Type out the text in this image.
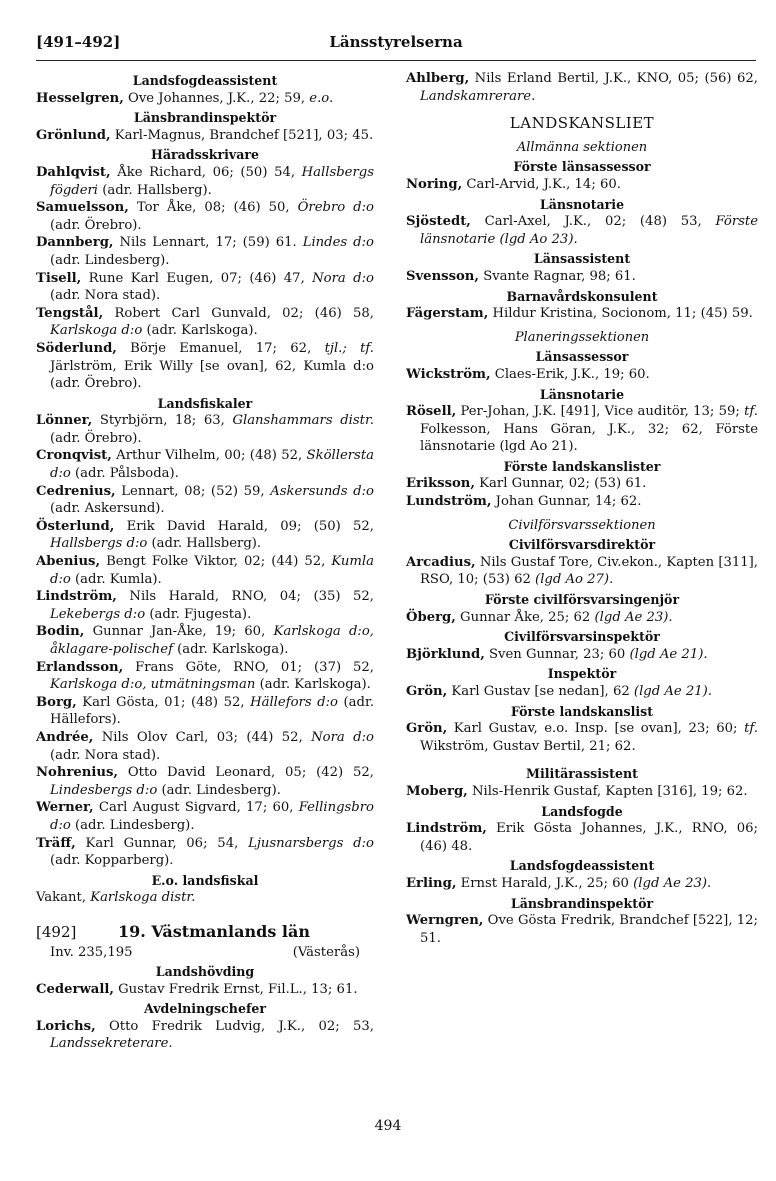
[491–492]	Länsstyrelserna
Landsfogdeassistent
Hesselgren, Ove Johannes, J.K., 22; 59, e.o.
Länsbrandinspektör
Grönlund, Karl-Magnus, Brandchef [521], 03; 45.
Häradsskrivare
Dahlqvist, Åke Richard, 06; (50) 54, Hallsbergs fögderi (adr. Hallsberg).
Samuelsson, Tor Åke, 08; (46) 50, Örebro d:o (adr. Örebro).
Dannberg, Nils Lennart, 17; (59) 61. Lindes d:o (adr. Lindesberg).
Tisell, Rune Karl Eugen, 07; (46) 47, Nora d:o (adr. Nora stad).
Tengstål, Robert Carl Gunvald, 02; (46) 58, Karlskoga d:o (adr. Karlskoga).
Söderlund, Börje Emanuel, 17; 62, tjl.; tf. Järlström, Erik Willy [se ovan], 62, Kumla d:o (adr. Örebro).
Landsfiskaler
Lönner, Styrbjörn, 18; 63, Glanshammars distr. (adr. Örebro).
Cronqvist, Arthur Vilhelm, 00; (48) 52, Sköllersta d:o (adr. Pålsboda).
Cedrenius, Lennart, 08; (52) 59, Askersunds d:o (adr. Askersund).
Österlund, Erik David Harald, 09; (50) 52, Hallsbergs d:o (adr. Hallsberg).
Abenius, Bengt Folke Viktor, 02; (44) 52, Kumla d:o (adr. Kumla).
Lindström, Nils Harald, RNO, 04; (35) 52, Lekebergs d:o (adr. Fjugesta).
Bodin, Gunnar Jan-Åke, 19; 60, Karlskoga d:o, åklagare-polischef (adr. Karlskoga).
Erlandsson, Frans Göte, RNO, 01; (37) 52, Karlskoga d:o, utmätningsman (adr. Karlskoga).
Borg, Karl Gösta, 01; (48) 52, Hällefors d:o (adr. Hällefors).
Andrée, Nils Olov Carl, 03; (44) 52, Nora d:o (adr. Nora stad).
Nohrenius, Otto David Leonard, 05; (42) 52, Lindesbergs d:o (adr. Lindesberg).
Werner, Carl August Sigvard, 17; 60, Fellingsbro d:o (adr. Lindesberg).
Träff, Karl Gunnar, 06; 54, Ljusnarsbergs d:o (adr. Kopparberg).
E.o. landsfiskal
Vakant, Karlskoga distr.
[492]	19. Västmanlands län
Inv. 235,195	(Västerås)
Landshövding
Cederwall, Gustav Fredrik Ernst, Fil.L., 13; 61.
Avdelningschefer
Lorichs, Otto Fredrik Ludvig, J.K., 02; 53, Landssekreterare.
Ahlberg, Nils Erland Bertil, J.K., KNO, 05; (56) 62, Landskamrerare.
LANDSKANSLIET
Allmänna sektionen
Förste länsassessor
Noring, Carl-Arvid, J.K., 14; 60.
Länsnotarie
Sjöstedt, Carl-Axel, J.K., 02; (48) 53, Förste länsnotarie (lgd Ao 23).
Länsassistent
Svensson, Svante Ragnar, 98; 61.
Barnavårdskonsulent
Fägerstam, Hildur Kristina, Socionom, 11; (45) 59.
Planeringssektionen
Länsassessor
Wickström, Claes-Erik, J.K., 19; 60.
Länsnotarie
Rösell, Per-Johan, J.K. [491], Vice auditör, 13; 59; tf. Folkesson, Hans Göran, J.K., 32; 62, Förste länsnotarie (lgd Ao 21).
Förste landskanslister
Eriksson, Karl Gunnar, 02; (53) 61.
Lundström, Johan Gunnar, 14; 62.
Civilförsvarssektionen
Civilförsvarsdirektör
Arcadius, Nils Gustaf Tore, Civ.ekon., Kapten [311], RSO, 10; (53) 62 (lgd Ao 27).
Förste civilförsvarsingenjör
Öberg, Gunnar Åke, 25; 62 (lgd Ae 23).
Civilförsvarsinspektör
Björklund, Sven Gunnar, 23; 60 (lgd Ae 21).
Inspektör
Grön, Karl Gustav [se nedan], 62 (lgd Ae 21).
Förste landskanslist
Grön, Karl Gustav, e.o. Insp. [se ovan], 23; 60; tf. Wikström, Gustav Bertil, 21; 62.
Militärassistent
Moberg, Nils-Henrik Gustaf, Kapten [316], 19; 62.
Landsfogde
Lindström, Erik Gösta Johannes, J.K., RNO, 06; (46) 48.
Landsfogdeassistent
Erling, Ernst Harald, J.K., 25; 60 (lgd Ae 23).
Länsbrandinspektör
Werngren, Ove Gösta Fredrik, Brandchef [522], 12; 51.
494
